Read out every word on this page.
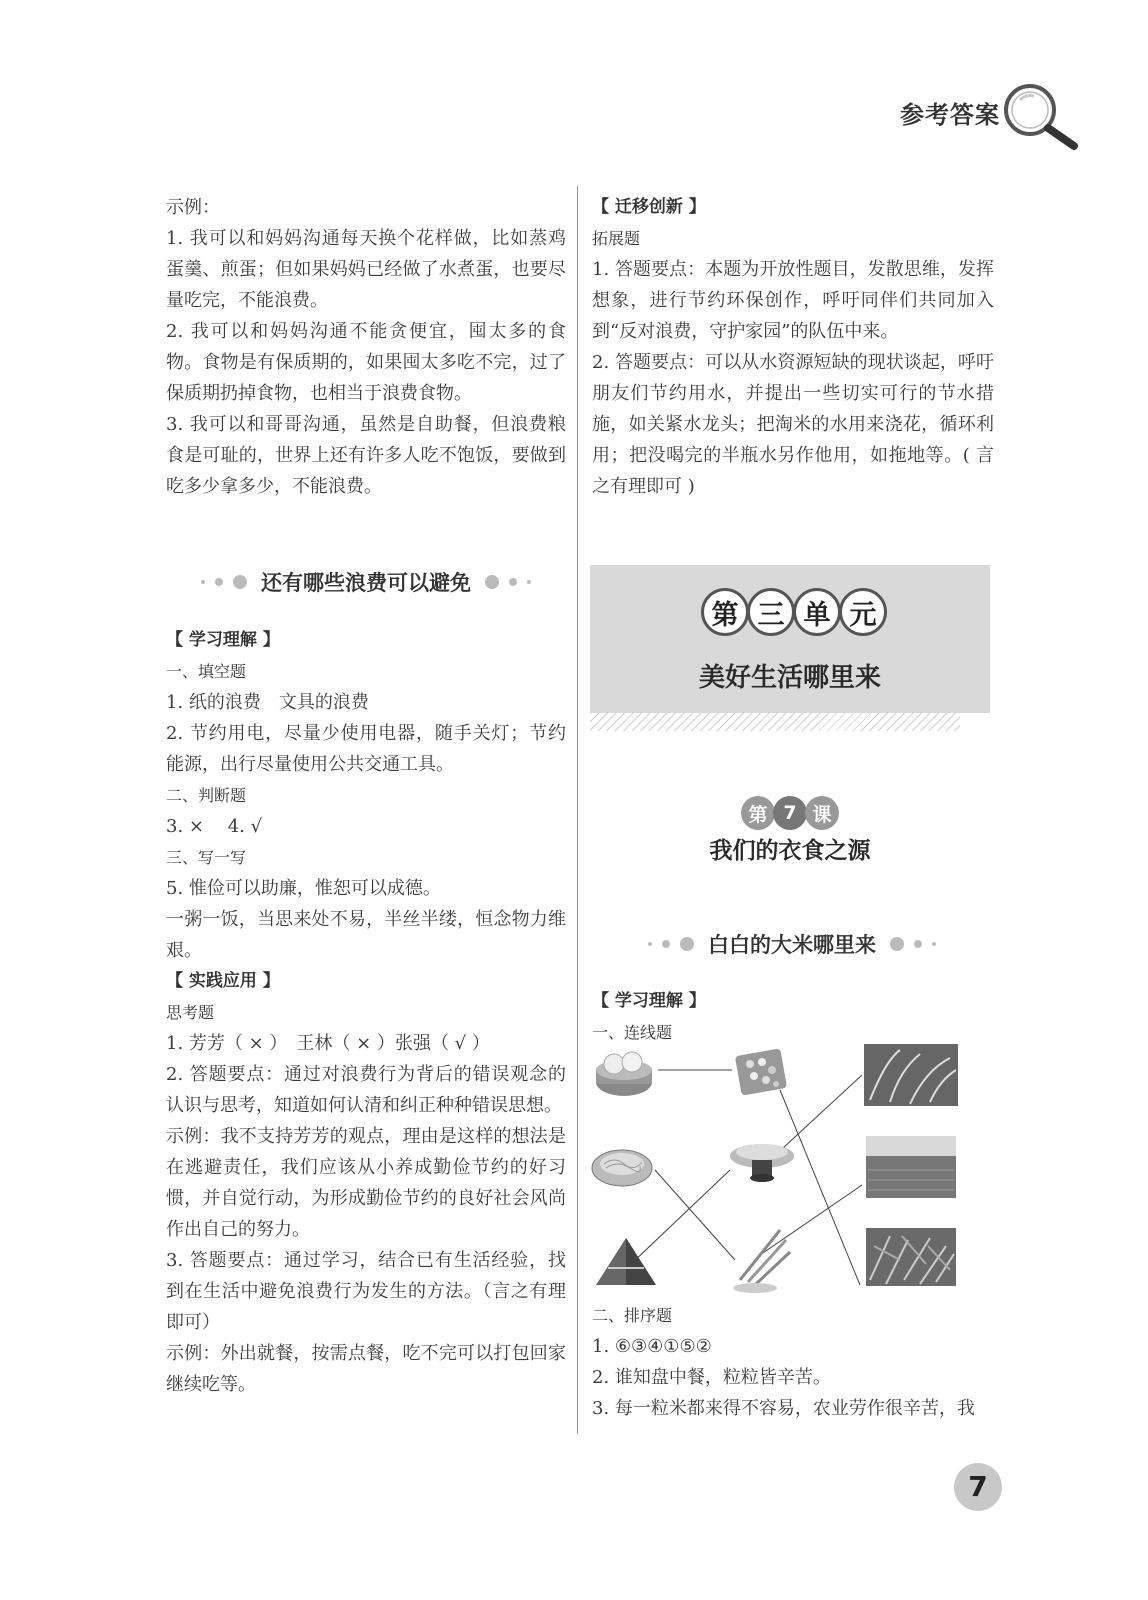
参考答案

示例：

1. 我可以和妈妈沟通每天换个花样做，比如蒸鸡蛋羹、煎蛋；但如果妈妈已经做了水煮蛋，也要尽量吃完，不能浪费。

2. 我可以和妈妈沟通不能贪便宜，囤太多的食物。食物是有保质期的，如果囤太多吃不完，过了保质期扔掉食物，也相当于浪费食物。

3. 我可以和哥哥沟通，虽然是自助餐，但浪费粮食是可耻的，世界上还有许多人吃不饱饭，要做到吃多少拿多少，不能浪费。

还有哪些浪费可以避免

【 学习理解 】

一、填空题

1. 纸的浪费　文具的浪费

2. 节约用电，尽量少使用电器，随手关灯；节约能源，出行尽量使用公共交通工具。

二、判断题

3. ×　 4. √

三、写一写

5. 惟俭可以助廉，惟恕可以成德。

一粥一饭，当思来处不易，半丝半缕，恒念物力维艰。

【 实践应用 】

思考题

1. 芳芳（ × ）　王林（ × ）张强（ √ ）

2. 答题要点：通过对浪费行为背后的错误观念的认识与思考，知道如何认清和纠正种种错误思想。

示例：我不支持芳芳的观点，理由是这样的想法是在逃避责任，我们应该从小养成勤俭节约的好习惯，并自觉行动，为形成勤俭节约的良好社会风尚作出自己的努力。

3. 答题要点：通过学习，结合已有生活经验，找到在生活中避免浪费行为发生的方法。（言之有理即可）

示例：外出就餐，按需点餐，吃不完可以打包回家继续吃等。

【 迁移创新 】

拓展题

1. 答题要点：本题为开放性题目，发散思维，发挥想象，进行节约环保创作，呼吁同伴们共同加入到“反对浪费，守护家园”的队伍中来。

2. 答题要点：可以从水资源短缺的现状谈起，呼吁朋友们节约用水，并提出一些切实可行的节水措施，如关紧水龙头；把淘米的水用来浇花，循环利用；把没喝完的半瓶水另作他用，如拖地等。( 言之有理即可 )

第 三 单 元
美好生活哪里来
第 7 课
我们的衣食之源
白白的大米哪里来

【 学习理解 】

一、连线题

二、排序题

1. ⑥③④①⑤②

2. 谁知盘中餐，粒粒皆辛苦。

3. 每一粒米都来得不容易，农业劳作很辛苦，我

7
